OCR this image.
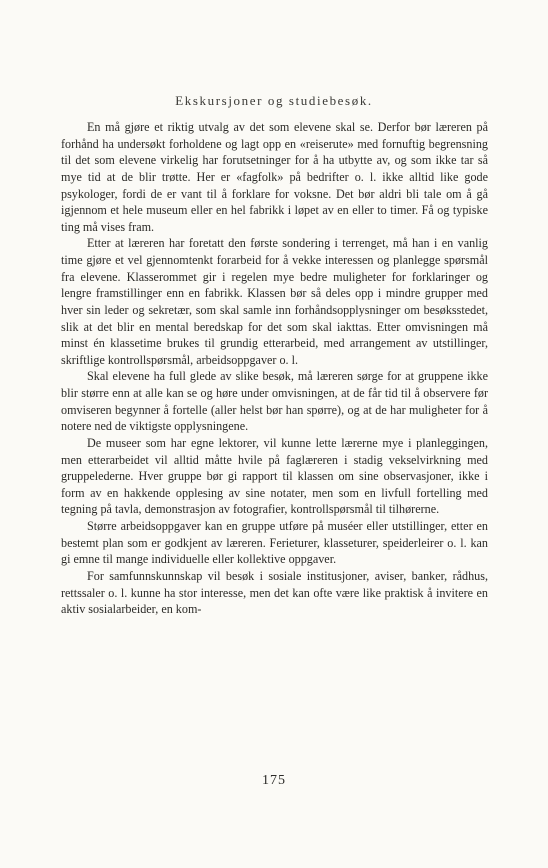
Ekskursjoner og studiebesøk.

En må gjøre et riktig utvalg av det som elevene skal se. Derfor bør læreren på forhånd ha undersøkt forholdene og lagt opp en «reiserute» med fornuftig begrensning til det som elevene virkelig har forutsetninger for å ha utbytte av, og som ikke tar så mye tid at de blir trøtte. Her er «fagfolk» på bedrifter o. l. ikke alltid like gode psykologer, fordi de er vant til å forklare for voksne. Det bør aldri bli tale om å gå igjennom et hele museum eller en hel fabrikk i løpet av en eller to timer. Få og typiske ting må vises fram.

Etter at læreren har foretatt den første sondering i terrenget, må han i en vanlig time gjøre et vel gjennomtenkt forarbeid for å vekke interessen og planlegge spørsmål fra elevene. Klasserommet gir i regelen mye bedre muligheter for forklaringer og lengre framstillinger enn en fabrikk. Klassen bør så deles opp i mindre grupper med hver sin leder og sekretær, som skal samle inn forhåndsopplysninger om besøksstedet, slik at det blir en mental beredskap for det som skal iakttas. Etter omvisningen må minst én klassetime brukes til grundig etterarbeid, med arrangement av utstillinger, skriftlige kontrollspørsmål, arbeidsoppgaver o. l.

Skal elevene ha full glede av slike besøk, må læreren sørge for at gruppene ikke blir større enn at alle kan se og høre under omvisningen, at de får tid til å observere før omviseren begynner å fortelle (aller helst bør han spørre), og at de har muligheter for å notere ned de viktigste opplysningene.

De museer som har egne lektorer, vil kunne lette lærerne mye i planleggingen, men etterarbeidet vil alltid måtte hvile på faglæreren i stadig vekselvirkning med gruppelederne. Hver gruppe bør gi rapport til klassen om sine observasjoner, ikke i form av en hakkende opplesing av sine notater, men som en livfull fortelling med tegning på tavla, demonstrasjon av fotografier, kontrollspørsmål til tilhørerne.

Større arbeidsoppgaver kan en gruppe utføre på muséer eller utstillinger, etter en bestemt plan som er godkjent av læreren. Ferieturer, klasseturer, speiderleirer o. l. kan gi emne til mange individuelle eller kollektive oppgaver.

For samfunnskunnskap vil besøk i sosiale institusjoner, aviser, banker, rådhus, rettssaler o. l. kunne ha stor interesse, men det kan ofte være like praktisk å invitere en aktiv sosialarbeider, en kom-

175
